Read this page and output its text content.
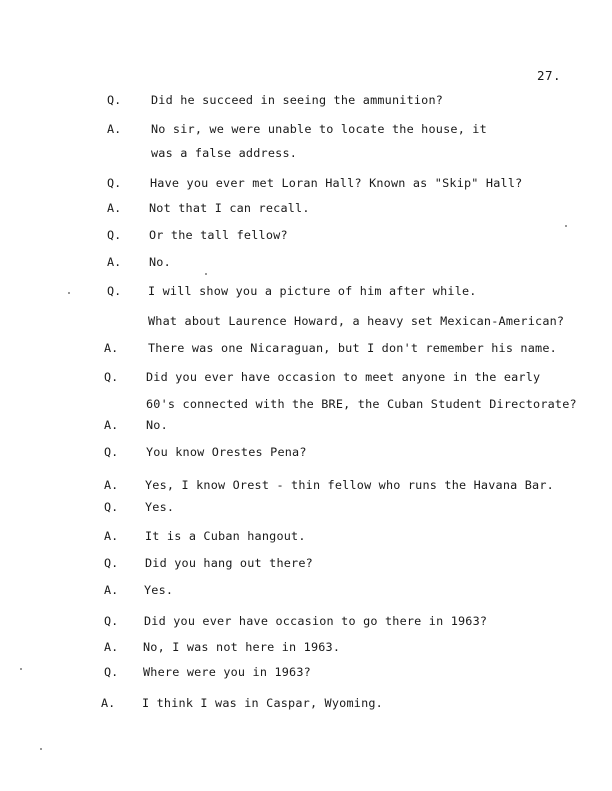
27.
Q.	Did he succeed in seeing the ammunition?
A.	No sir, we were unable to locate the house, it
was a false address.
Q. Have you ever met Loran Hall? Known as "Skip" Hall?
A. Not that I can recall.
Q. Or the tall fellow?
A. No.
Q. I will show you a picture of him after while.
What about Laurence Howard, a heavy set Mexican-American?
A.	There was one Nicaraguan, but I don't remember his name.
Q. Did you ever have occasion to meet anyone in the early
60's connected with the BRE, the Cuban Student Directorate?
A. No.
Q. You know Orestes Pena?
A. Yes, I know Orest - thin fellow who runs the Havana Bar.
Q. Yes.
A. It is a Cuban hangout.
Q. Did you hang out there?
A. Yes.
Q. Did you ever have occasion to go there in 1963?
A. No, I was not here in 1963.
Q. Where were you in 1963?
A. I think I was in Caspar, Wyoming.
